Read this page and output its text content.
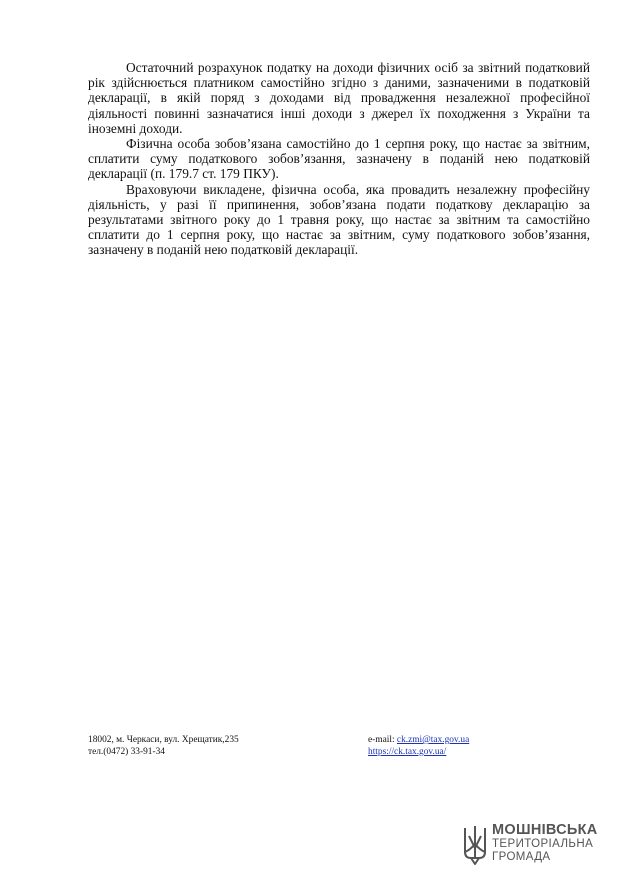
Остаточний розрахунок податку на доходи фізичних осіб за звітний податковий рік здійснюється платником самостійно згідно з даними, зазначеними в податковій декларації, в якій поряд з доходами від провадження незалежної професійної діяльності повинні зазначатися інші доходи з джерел їх походження з України та іноземні доходи.

Фізична особа зобов’язана самостійно до 1 серпня року, що настає за звітним, сплатити суму податкового зобов’язання, зазначену в поданій нею податковій декларації (п. 179.7 ст. 179 ПКУ).

Враховуючи викладене, фізична особа, яка провадить незалежну професійну діяльність, у разі її припинення, зобов’язана подати податкову декларацію за результатами звітного року до 1 травня року, що настає за звітним та самостійно сплатити до 1 серпня року, що настає за звітним, суму податкового зобов’язання, зазначену в поданій нею податковій декларації.

18002, м. Черкаси, вул. Хрещатик,235
тел.(0472) 33-91-34
e-mail: ck.zmi@tax.gov.ua
https://ck.tax.gov.ua/
МОШНІВСЬКА
ТЕРИТОРІАЛЬНА
ГРОМАДА
